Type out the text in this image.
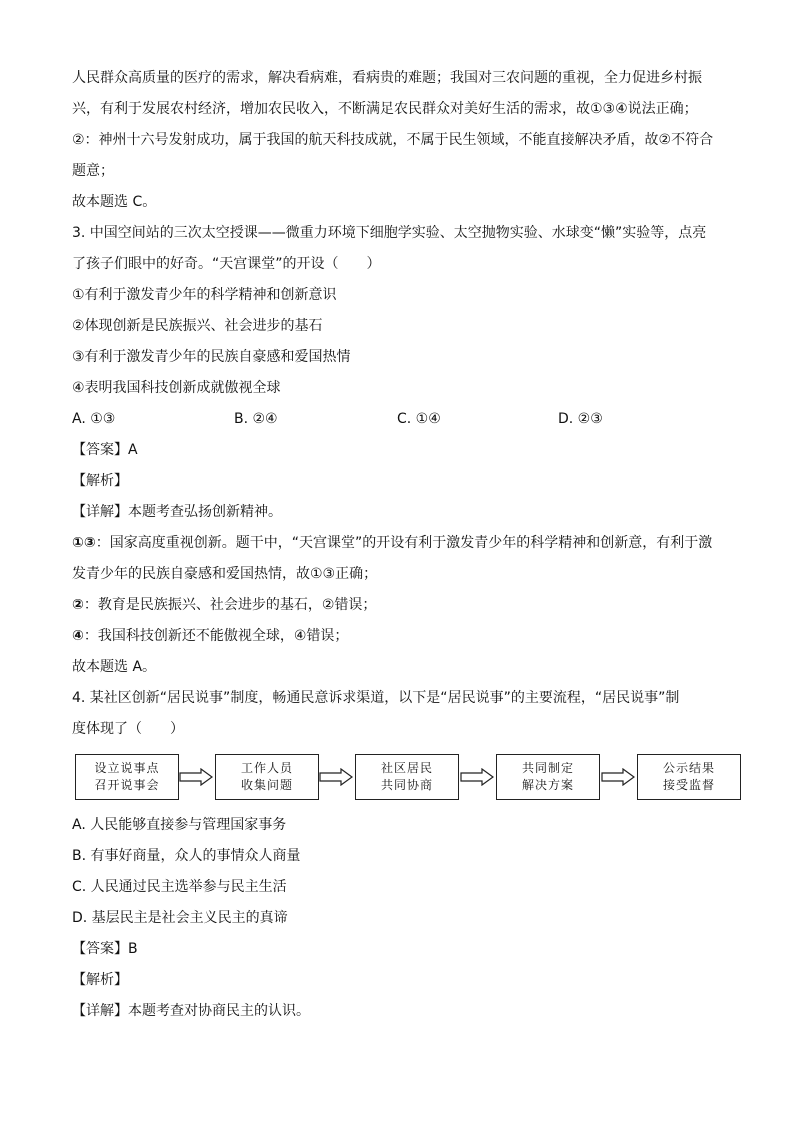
人民群众高质量的医疗的需求，解决看病难，看病贵的难题；我国对三农问题的重视，全力促进乡村振
兴，有利于发展农村经济，增加农民收入，不断满足农民群众对美好生活的需求，故①③④说法正确；
②：神州十六号发射成功，属于我国的航天科技成就，不属于民生领域，不能直接解决矛盾，故②不符合
题意；
故本题选 C。
3. 中国空间站的三次太空授课——微重力环境下细胞学实验、太空抛物实验、水球变“懒”实验等，点亮
了孩子们眼中的好奇。“天宫课堂”的开设（　　）
①有利于激发青少年的科学精神和创新意识
②体现创新是民族振兴、社会进步的基石
③有利于激发青少年的民族自豪感和爱国热情
④表明我国科技创新成就傲视全球
A. ①③	B. ②④	C. ①④	D. ②③
【答案】A
【解析】
【详解】本题考查弘扬创新精神。
①③：国家高度重视创新。题干中，“天宫课堂”的开设有利于激发青少年的科学精神和创新意，有利于激
发青少年的民族自豪感和爱国热情，故①③正确；
②：教育是民族振兴、社会进步的基石，②错误；
④：我国科技创新还不能傲视全球，④错误；
故本题选 A。
4. 某社区创新“居民说事”制度，畅通民意诉求渠道，以下是“居民说事”的主要流程，“居民说事”制
度体现了（　　）
设立说事点
召开说事会
工作人员
收集问题
社区居民
共同协商
共同制定
解决方案
公示结果
接受监督
A. 人民能够直接参与管理国家事务
B. 有事好商量，众人的事情众人商量
C. 人民通过民主选举参与民主生活
D. 基层民主是社会主义民主的真谛
【答案】B
【解析】
【详解】本题考查对协商民主的认识。
